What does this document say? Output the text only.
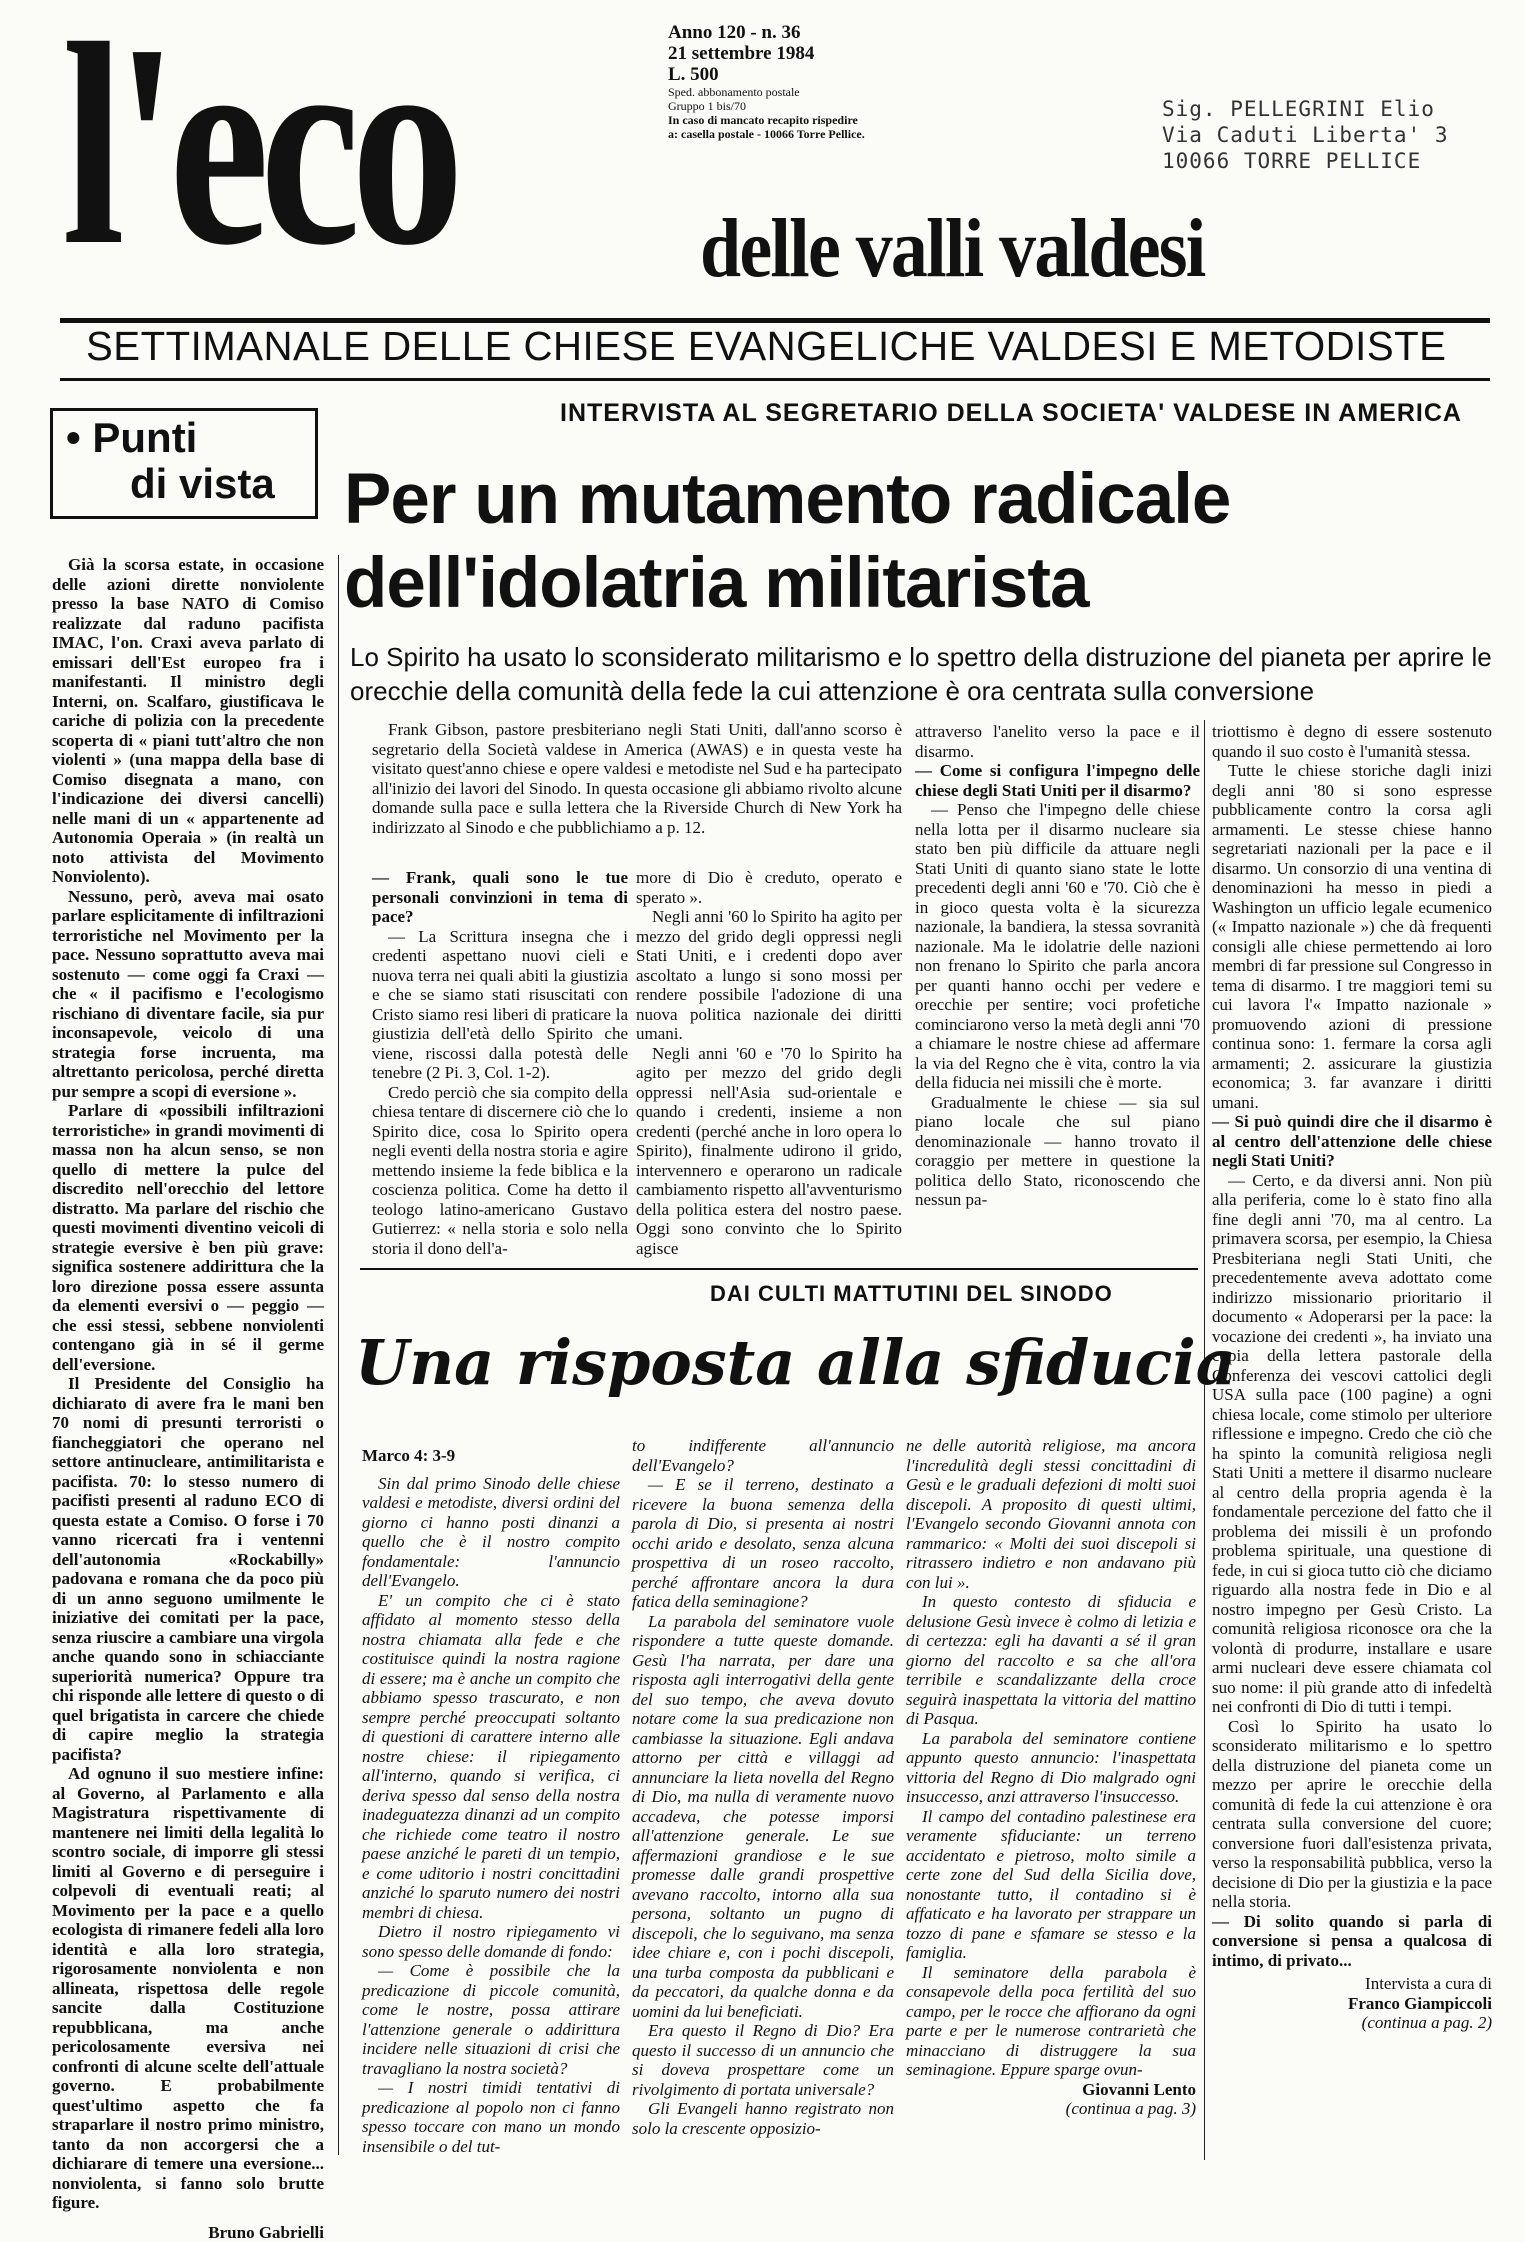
l'eco	Anno 120 - n. 36
21 settembre 1984
L. 500
Sped. abbonamento postale
Gruppo 1 bis/70
In caso di mancato recapito rispedire
a: casella postale - 10066 Torre Pellice.
Sig. PELLEGRINI Elio
Via Caduti Liberta' 3
10066 TORRE PELLICE
delle valli valdesi
SETTIMANALE DELLE CHIESE EVANGELICHE VALDESI E METODISTE
• Punti
di vista

Già la scorsa estate, in occasione delle azioni dirette nonviolente presso la base NATO di Comiso realizzate dal raduno pacifista IMAC, l'on. Craxi aveva parlato di emissari dell'Est europeo fra i manifestanti. Il ministro degli Interni, on. Scalfaro, giustificava le cariche di polizia con la precedente scoperta di « piani tutt'altro che non violenti » (una mappa della base di Comiso disegnata a mano, con l'indicazione dei diversi cancelli) nelle mani di un « appartenente ad Autonomia Operaia » (in realtà un noto attivista del Movimento Nonviolento).

Nessuno, però, aveva mai osato parlare esplicitamente di infiltrazioni terroristiche nel Movimento per la pace. Nessuno soprattutto aveva mai sostenuto — come oggi fa Craxi — che « il pacifismo e l'ecologismo rischiano di diventare facile, sia pur inconsapevole, veicolo di una strategia forse incruenta, ma altrettanto pericolosa, perché diretta pur sempre a scopi di eversione ».

Parlare di «possibili infiltrazioni terroristiche» in grandi movimenti di massa non ha alcun senso, se non quello di mettere la pulce del discredito nell'orecchio del lettore distratto. Ma parlare del rischio che questi movimenti diventino veicoli di strategie eversive è ben più grave: significa sostenere addirittura che la loro direzione possa essere assunta da elementi eversivi o — peggio — che essi stessi, sebbene nonviolenti contengano già in sé il germe dell'eversione.

Il Presidente del Consiglio ha dichiarato di avere fra le mani ben 70 nomi di presunti terroristi o fiancheggiatori che operano nel settore antinucleare, antimilitarista e pacifista. 70: lo stesso numero di pacifisti presenti al raduno ECO di questa estate a Comiso. O forse i 70 vanno ricercati fra i ventenni dell'autonomia «Rockabilly» padovana e romana che da poco più di un anno seguono umilmente le iniziative dei comitati per la pace, senza riuscire a cambiare una virgola anche quando sono in schiacciante superiorità numerica? Oppure tra chi risponde alle lettere di questo o di quel brigatista in carcere che chiede di capire meglio la strategia pacifista?

Ad ognuno il suo mestiere infine: al Governo, al Parlamento e alla Magistratura rispettivamente di mantenere nei limiti della legalità lo scontro sociale, di imporre gli stessi limiti al Governo e di perseguire i colpevoli di eventuali reati; al Movimento per la pace e a quello ecologista di rimanere fedeli alla loro identità e alla loro strategia, rigorosamente nonviolenta e non allineata, rispettosa delle regole sancite dalla Costituzione repubblicana, ma anche pericolosamente eversiva nei confronti di alcune scelte dell'attuale governo. E probabilmente quest'ultimo aspetto che fa straparlare il nostro primo ministro, tanto da non accorgersi che a dichiarare di temere una eversione... nonviolenta, si fanno solo brutte figure.

Bruno Gabrielli

INTERVISTA AL SEGRETARIO DELLA SOCIETA' VALDESE IN AMERICA
Per un mutamento radicale
dell'idolatria militarista
Lo Spirito ha usato lo sconsiderato militarismo e lo spettro della distruzione del pianeta per aprire le orecchie della comunità della fede la cui attenzione è ora centrata sulla conversione

Frank Gibson, pastore presbiteriano negli Stati Uniti, dall'anno scorso è segretario della Società valdese in America (AWAS) e in questa veste ha visitato quest'anno chiese e opere valdesi e metodiste nel Sud e ha partecipato all'inizio dei lavori del Sinodo. In questa occasione gli abbiamo rivolto alcune domande sulla pace e sulla lettera che la Riverside Church di New York ha indirizzato al Sinodo e che pubblichiamo a p. 12.

— Frank, quali sono le tue personali convinzioni in tema di pace?

— La Scrittura insegna che i credenti aspettano nuovi cieli e nuova terra nei quali abiti la giustizia e che se siamo stati risuscitati con Cristo siamo resi liberi di praticare la giustizia dell'età dello Spirito che viene, riscossi dalla potestà delle tenebre (2 Pi. 3, Col. 1-2).

Credo perciò che sia compito della chiesa tentare di discernere ciò che lo Spirito dice, cosa lo Spirito opera negli eventi della nostra storia e agire mettendo insieme la fede biblica e la coscienza politica. Come ha detto il teologo latino-americano Gustavo Gutierrez: « nella storia e solo nella storia il dono dell'a-

more di Dio è creduto, operato e sperato ».

Negli anni '60 lo Spirito ha agito per mezzo del grido degli oppressi negli Stati Uniti, e i credenti dopo aver ascoltato a lungo si sono mossi per rendere possibile l'adozione di una nuova politica nazionale dei diritti umani.

Negli anni '60 e '70 lo Spirito ha agito per mezzo del grido degli oppressi nell'Asia sud-orientale e quando i credenti, insieme a non credenti (perché anche in loro opera lo Spirito), finalmente udirono il grido, intervennero e operarono un radicale cambiamento rispetto all'avventurismo della politica estera del nostro paese. Oggi sono convinto che lo Spirito agisce

attraverso l'anelito verso la pace e il disarmo.

— Come si configura l'impegno delle chiese degli Stati Uniti per il disarmo?

— Penso che l'impegno delle chiese nella lotta per il disarmo nucleare sia stato ben più difficile da attuare negli Stati Uniti di quanto siano state le lotte precedenti degli anni '60 e '70. Ciò che è in gioco questa volta è la sicurezza nazionale, la bandiera, la stessa sovranità nazionale. Ma le idolatrie delle nazioni non frenano lo Spirito che parla ancora per quanti hanno occhi per vedere e orecchie per sentire; voci profetiche cominciarono verso la metà degli anni '70 a chiamare le nostre chiese ad affermare la via del Regno che è vita, contro la via della fiducia nei missili che è morte.

Gradualmente le chiese — sia sul piano locale che sul piano denominazionale — hanno trovato il coraggio per mettere in questione la politica dello Stato, riconoscendo che nessun pa-

triottismo è degno di essere sostenuto quando il suo costo è l'umanità stessa.

Tutte le chiese storiche dagli inizi degli anni '80 si sono espresse pubblicamente contro la corsa agli armamenti. Le stesse chiese hanno segretariati nazionali per la pace e il disarmo. Un consorzio di una ventina di denominazioni ha messo in piedi a Washington un ufficio legale ecumenico (« Impatto nazionale ») che dà frequenti consigli alle chiese permettendo ai loro membri di far pressione sul Congresso in tema di disarmo. I tre maggiori temi su cui lavora l'« Impatto nazionale » promuovendo azioni di pressione continua sono: 1. fermare la corsa agli armamenti; 2. assicurare la giustizia economica; 3. far avanzare i diritti umani.

— Si può quindi dire che il disarmo è al centro dell'attenzione delle chiese negli Stati Uniti?

— Certo, e da diversi anni. Non più alla periferia, come lo è stato fino alla fine degli anni '70, ma al centro. La primavera scorsa, per esempio, la Chiesa Presbiteriana negli Stati Uniti, che precedentemente aveva adottato come indirizzo missionario prioritario il documento « Adoperarsi per la pace: la vocazione dei credenti », ha inviato una copia della lettera pastorale della Conferenza dei vescovi cattolici degli USA sulla pace (100 pagine) a ogni chiesa locale, come stimolo per ulteriore riflessione e impegno. Credo che ciò che ha spinto la comunità religiosa negli Stati Uniti a mettere il disarmo nucleare al centro della propria agenda è la fondamentale percezione del fatto che il problema dei missili è un profondo problema spirituale, una questione di fede, in cui si gioca tutto ciò che diciamo riguardo alla nostra fede in Dio e al nostro impegno per Gesù Cristo. La comunità religiosa riconosce ora che la volontà di produrre, installare e usare armi nucleari deve essere chiamata col suo nome: il più grande atto di infedeltà nei confronti di Dio di tutti i tempi.

Così lo Spirito ha usato lo sconsiderato militarismo e lo spettro della distruzione del pianeta come un mezzo per aprire le orecchie della comunità di fede la cui attenzione è ora centrata sulla conversione del cuore; conversione fuori dall'esistenza privata, verso la responsabilità pubblica, verso la decisione di Dio per la giustizia e la pace nella storia.

— Di solito quando si parla di conversione si pensa a qualcosa di intimo, di privato...

Intervista a cura di

Franco Giampiccoli

(continua a pag. 2)

DAI CULTI MATTUTINI DEL SINODO
Una risposta alla sfiducia

Marco 4: 3-9

Sin dal primo Sinodo delle chiese valdesi e metodiste, diversi ordini del giorno ci hanno posti dinanzi a quello che è il nostro compito fondamentale: l'annuncio dell'Evangelo.

E' un compito che ci è stato affidato al momento stesso della nostra chiamata alla fede e che costituisce quindi la nostra ragione di essere; ma è anche un compito che abbiamo spesso trascurato, e non sempre perché preoccupati soltanto di questioni di carattere interno alle nostre chiese: il ripiegamento all'interno, quando si verifica, ci deriva spesso dal senso della nostra inadeguatezza dinanzi ad un compito che richiede come teatro il nostro paese anziché le pareti di un tempio, e come uditorio i nostri concittadini anziché lo sparuto numero dei nostri membri di chiesa.

Dietro il nostro ripiegamento vi sono spesso delle domande di fondo:

— Come è possibile che la predicazione di piccole comunità, come le nostre, possa attirare l'attenzione generale o addirittura incidere nelle situazioni di crisi che travagliano la nostra società?

— I nostri timidi tentativi di predicazione al popolo non ci fanno spesso toccare con mano un mondo insensibile o del tut-

to indifferente all'annuncio dell'Evangelo?

— E se il terreno, destinato a ricevere la buona semenza della parola di Dio, si presenta ai nostri occhi arido e desolato, senza alcuna prospettiva di un roseo raccolto, perché affrontare ancora la dura fatica della seminagione?

La parabola del seminatore vuole rispondere a tutte queste domande. Gesù l'ha narrata, per dare una risposta agli interrogativi della gente del suo tempo, che aveva dovuto notare come la sua predicazione non cambiasse la situazione. Egli andava attorno per città e villaggi ad annunciare la lieta novella del Regno di Dio, ma nulla di veramente nuovo accadeva, che potesse imporsi all'attenzione generale. Le sue affermazioni grandiose e le sue promesse dalle grandi prospettive avevano raccolto, intorno alla sua persona, soltanto un pugno di discepoli, che lo seguivano, ma senza idee chiare e, con i pochi discepoli, una turba composta da pubblicani e da peccatori, da qualche donna e da uomini da lui beneficiati.

Era questo il Regno di Dio? Era questo il successo di un annuncio che si doveva prospettare come un rivolgimento di portata universale?

Gli Evangeli hanno registrato non solo la crescente opposizio-

ne delle autorità religiose, ma ancora l'incredulità degli stessi concittadini di Gesù e le graduali defezioni di molti suoi discepoli. A proposito di questi ultimi, l'Evangelo secondo Giovanni annota con rammarico: « Molti dei suoi discepoli si ritrassero indietro e non andavano più con lui ».

In questo contesto di sfiducia e delusione Gesù invece è colmo di letizia e di certezza: egli ha davanti a sé il gran giorno del raccolto e sa che all'ora terribile e scandalizzante della croce seguirà inaspettata la vittoria del mattino di Pasqua.

La parabola del seminatore contiene appunto questo annuncio: l'inaspettata vittoria del Regno di Dio malgrado ogni insuccesso, anzi attraverso l'insuccesso.

Il campo del contadino palestinese era veramente sfiduciante: un terreno accidentato e pietroso, molto simile a certe zone del Sud della Sicilia dove, nonostante tutto, il contadino si è affaticato e ha lavorato per strappare un tozzo di pane e sfamare se stesso e la famiglia.

Il seminatore della parabola è consapevole della poca fertilità del suo campo, per le rocce che affiorano da ogni parte e per le numerose contrarietà che minacciano di distruggere la sua seminagione. Eppure sparge ovun-

Giovanni Lento

(continua a pag. 3)
